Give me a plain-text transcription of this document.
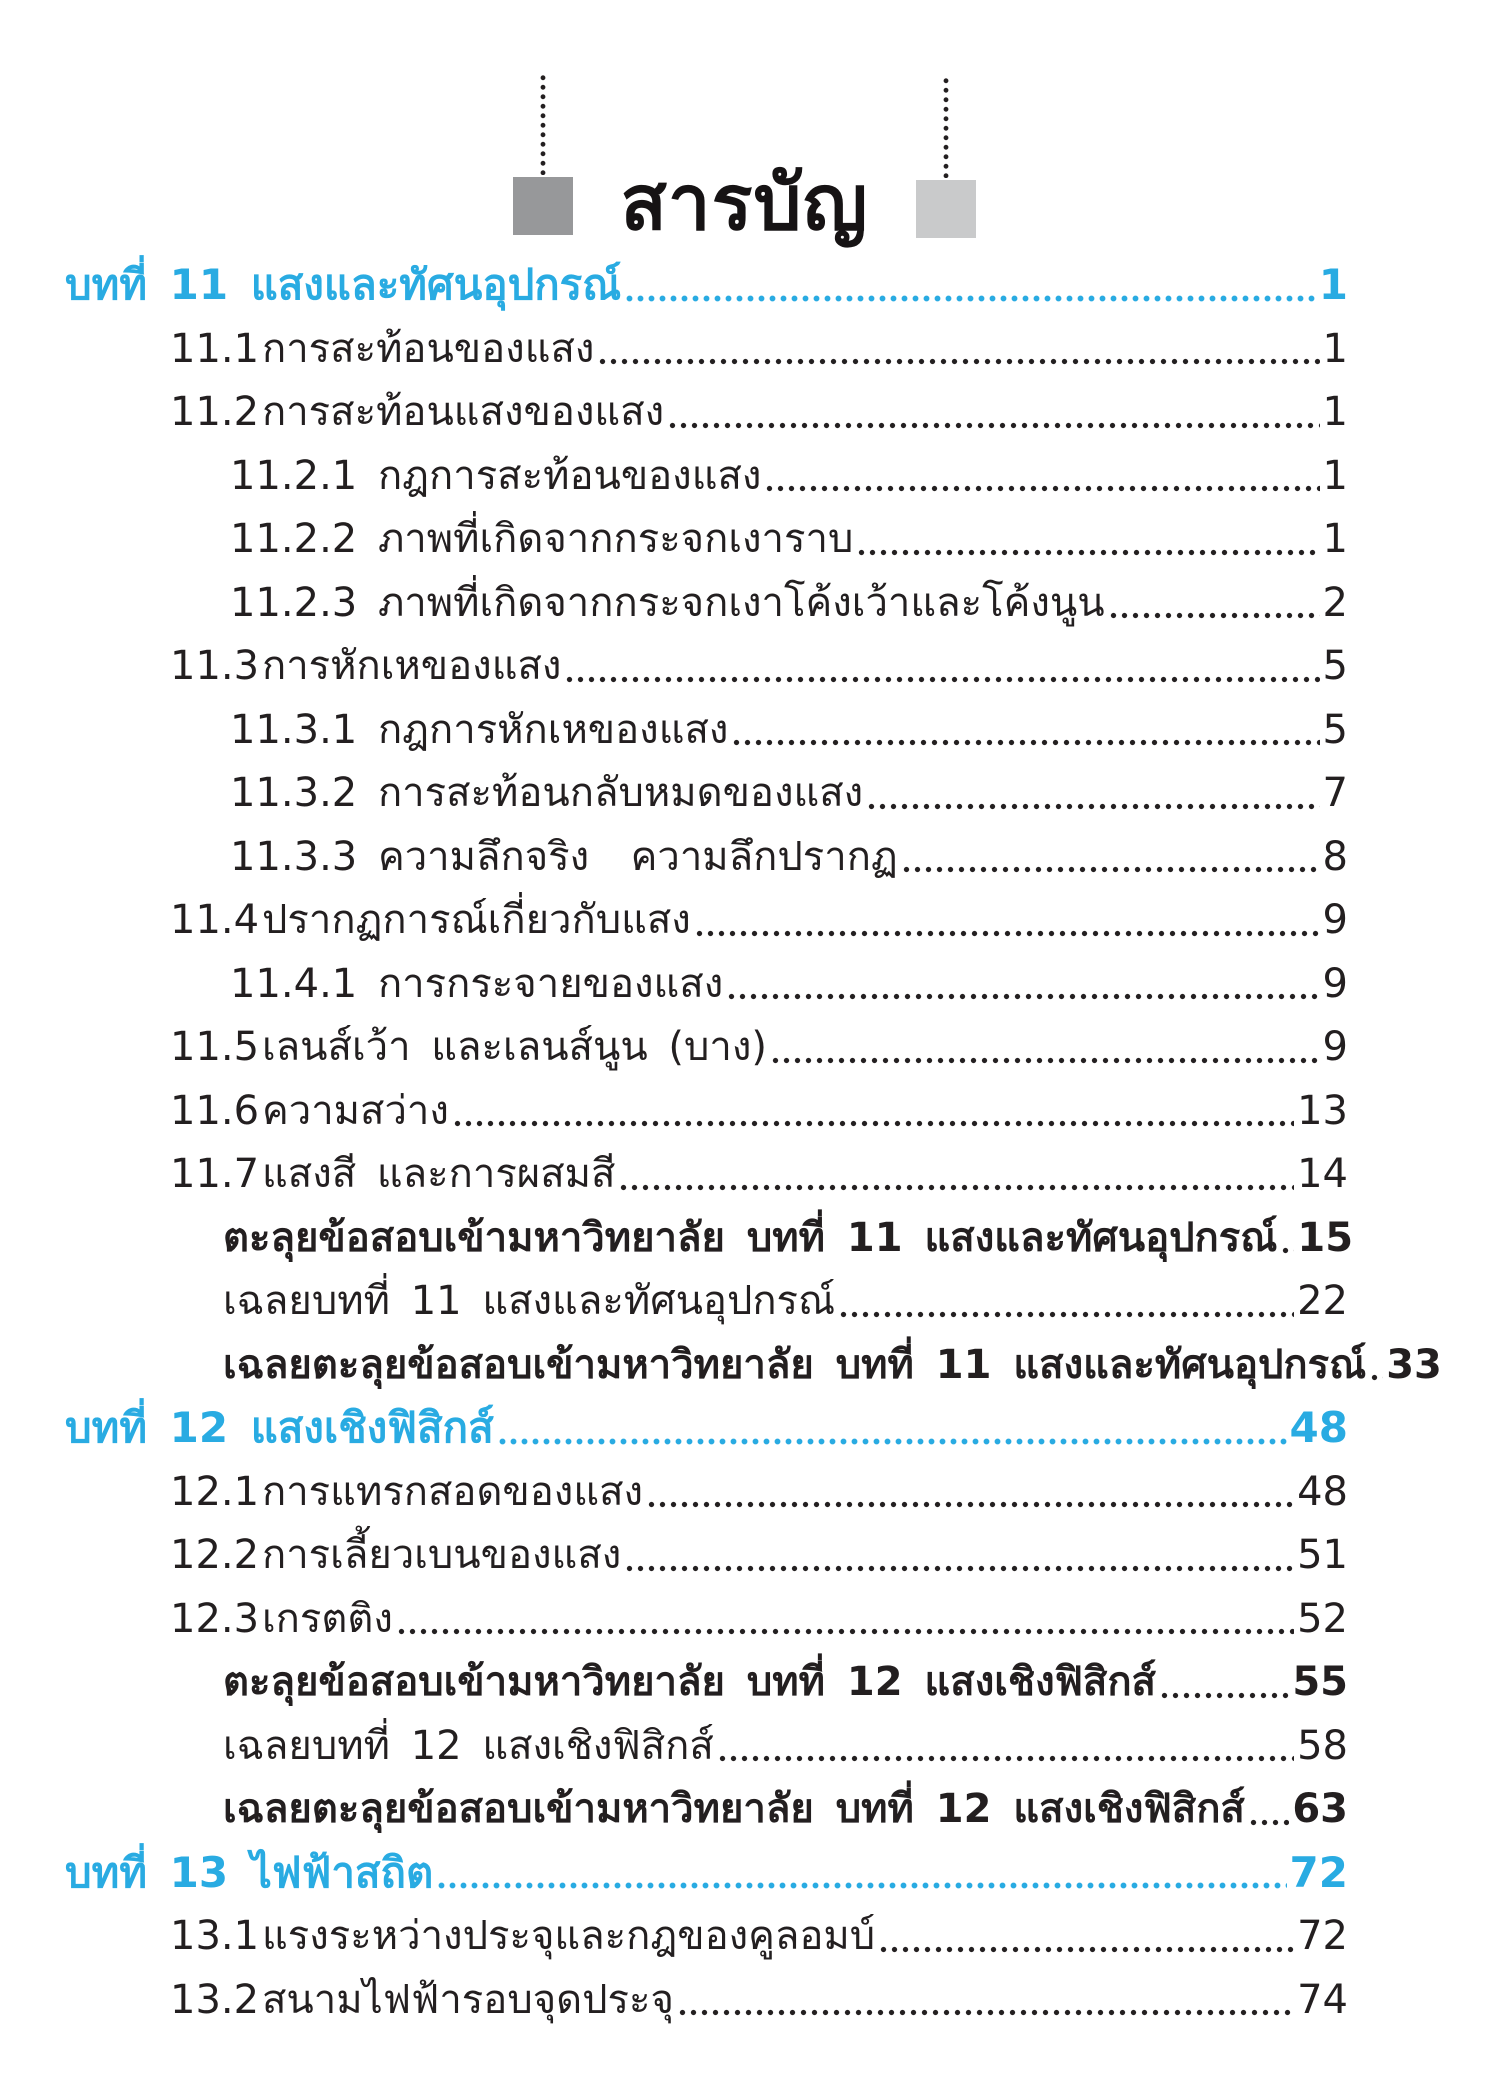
สารบัญ
บทที่ 11 แสงและทัศนอุปกรณ์	1
11.1 การสะท้อนของแสง	1
11.2 การสะท้อนแสงของแสง	1
11.2.1 กฎการสะท้อนของแสง	1
11.2.2 ภาพที่เกิดจากกระจกเงาราบ	1
11.2.3 ภาพที่เกิดจากกระจกเงาโค้งเว้าและโค้งนูน	2
11.3 การหักเหของแสง	5
11.3.1 กฎการหักเหของแสง	5
11.3.2 การสะท้อนกลับหมดของแสง	7
11.3.3 ความลึกจริง  ความลึกปรากฏ	8
11.4 ปรากฏการณ์เกี่ยวกับแสง	9
11.4.1 การกระจายของแสง	9
11.5 เลนส์เว้า และเลนส์นูน (บาง)	9
11.6 ความสว่าง	13
11.7 แสงสี และการผสมสี	14
ตะลุยข้อสอบเข้ามหาวิทยาลัย บทที่ 11 แสงและทัศนอุปกรณ์ 15
เฉลยบทที่ 11 แสงและทัศนอุปกรณ์	22
เฉลยตะลุยข้อสอบเข้ามหาวิทยาลัย บทที่ 11 แสงและทัศนอุปกรณ์ 33
บทที่ 12 แสงเชิงฟิสิกส์	48
12.1 การแทรกสอดของแสง	48
12.2 การเลี้ยวเบนของแสง	51
12.3 เกรตติง	52
ตะลุยข้อสอบเข้ามหาวิทยาลัย บทที่ 12 แสงเชิงฟิสิกส์	55
เฉลยบทที่ 12 แสงเชิงฟิสิกส์	58
เฉลยตะลุยข้อสอบเข้ามหาวิทยาลัย บทที่ 12 แสงเชิงฟิสิกส์ 63
บทที่ 13 ไฟฟ้าสถิต	72
13.1 แรงระหว่างประจุและกฎของคูลอมบ์	72
13.2 สนามไฟฟ้ารอบจุดประจุ	74
